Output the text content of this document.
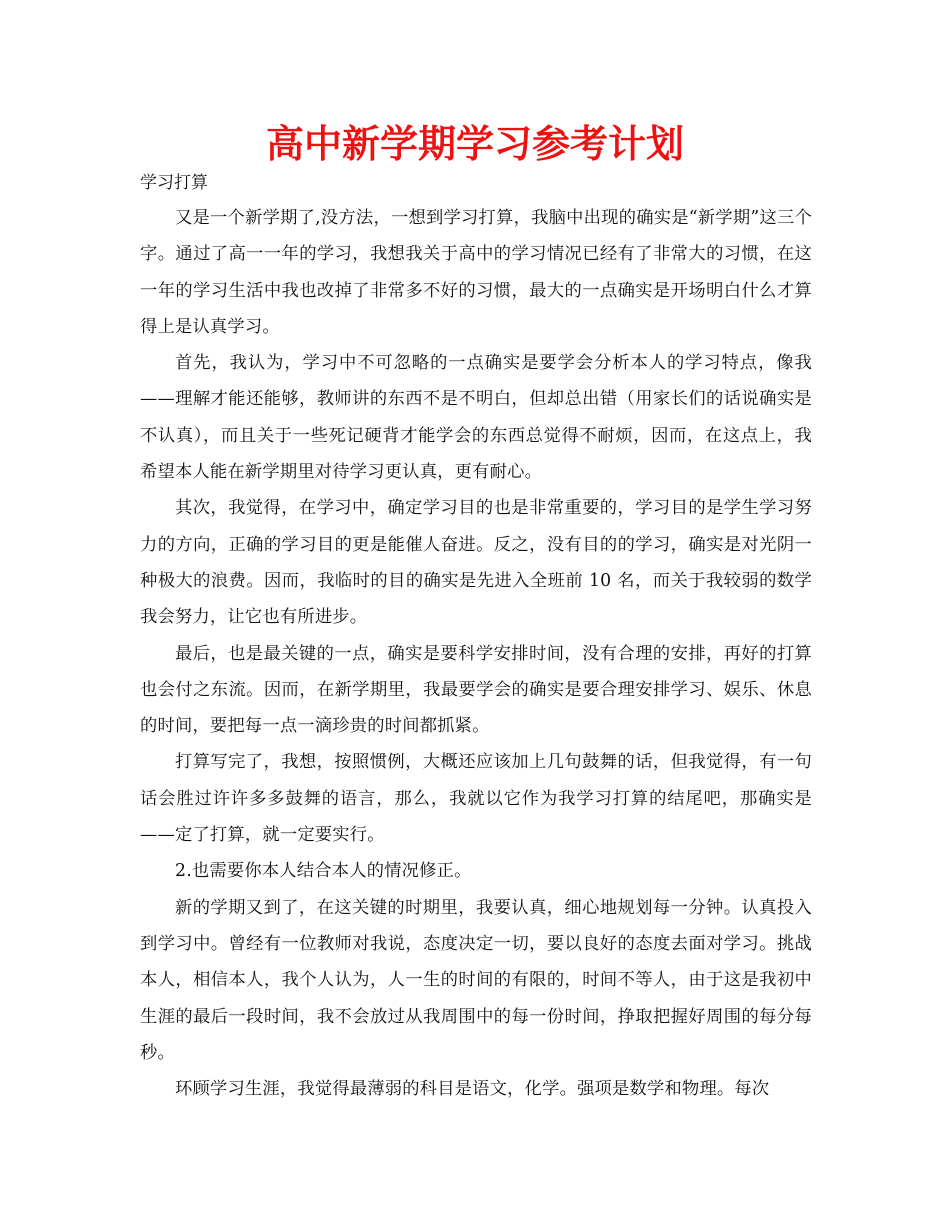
高中新学期学习参考计划

学习打算

又是一个新学期了,没方法，一想到学习打算，我脑中出现的确实是“新学期”这三个字。通过了高一一年的学习，我想我关于高中的学习情况已经有了非常大的习惯，在这一年的学习生活中我也改掉了非常多不好的习惯，最大的一点确实是开场明白什么才算得上是认真学习。

首先，我认为，学习中不可忽略的一点确实是要学会分析本人的学习特点，像我——理解才能还能够，教师讲的东西不是不明白，但却总出错（用家长们的话说确实是不认真），而且关于一些死记硬背才能学会的东西总觉得不耐烦，因而，在这点上，我希望本人能在新学期里对待学习更认真，更有耐心。

其次，我觉得，在学习中，确定学习目的也是非常重要的，学习目的是学生学习努力的方向，正确的学习目的更是能催人奋进。反之，没有目的的学习，确实是对光阴一种极大的浪费。因而，我临时的目的确实是先进入全班前 10 名，而关于我较弱的数学我会努力，让它也有所进步。

最后，也是最关键的一点，确实是要科学安排时间，没有合理的安排，再好的打算也会付之东流。因而，在新学期里，我最要学会的确实是要合理安排学习、娱乐、休息的时间，要把每一点一滴珍贵的时间都抓紧。

打算写完了，我想，按照惯例，大概还应该加上几句鼓舞的话，但我觉得，有一句话会胜过许许多多鼓舞的语言，那么，我就以它作为我学习打算的结尾吧，那确实是——定了打算，就一定要实行。

2.也需要你本人结合本人的情况修正。

新的学期又到了，在这关键的时期里，我要认真，细心地规划每一分钟。认真投入到学习中。曾经有一位教师对我说，态度决定一切，要以良好的态度去面对学习。挑战本人，相信本人，我个人认为，人一生的时间的有限的，时间不等人，由于这是我初中生涯的最后一段时间，我不会放过从我周围中的每一份时间，挣取把握好周围的每分每秒。

环顾学习生涯，我觉得最薄弱的科目是语文，化学。强项是数学和物理。每次
